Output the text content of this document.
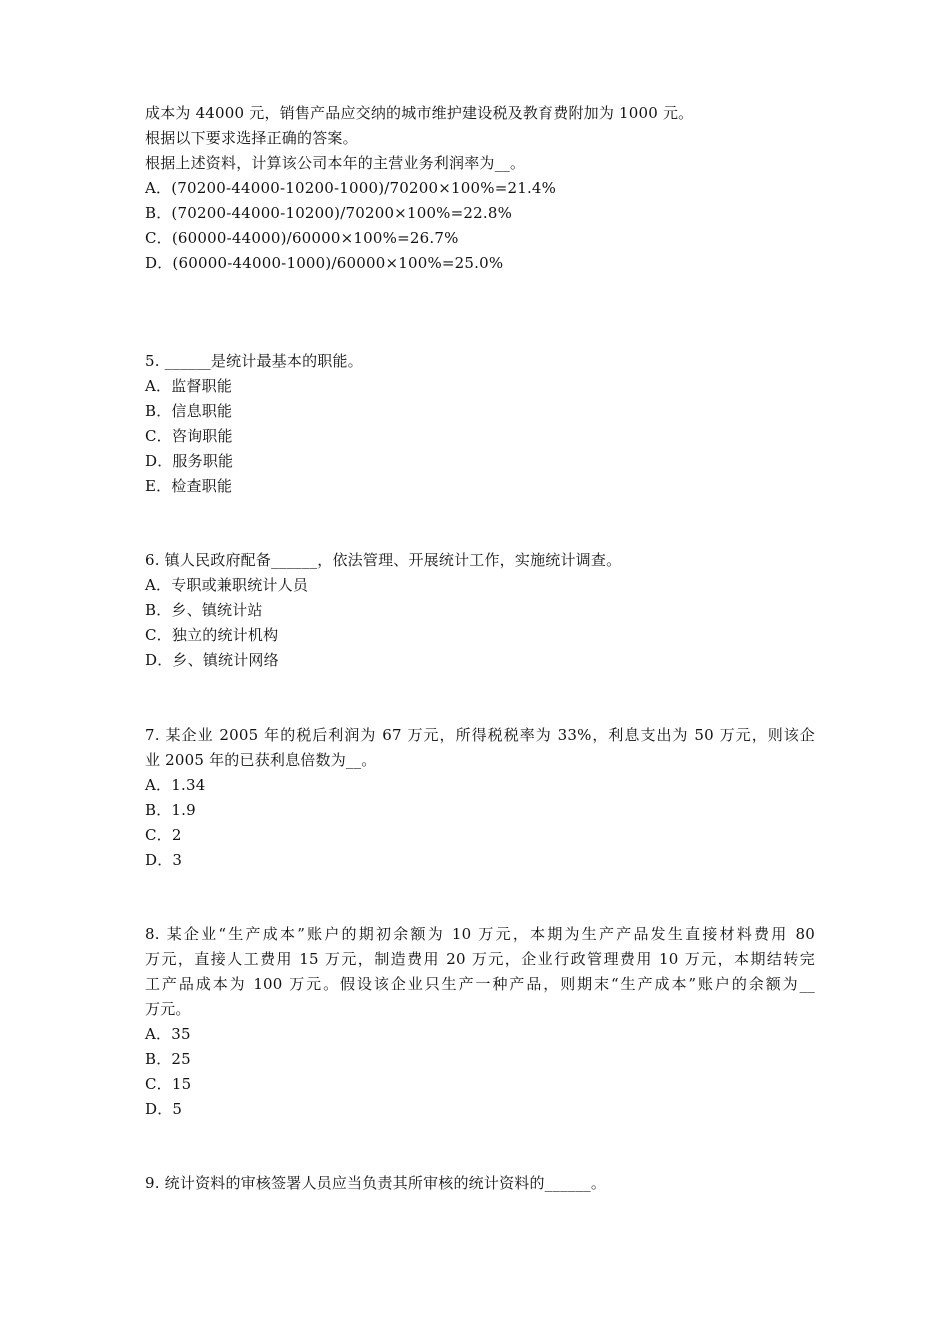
成本为 44000 元，销售产品应交纳的城市维护建设税及教育费附加为 1000 元。
根据以下要求选择正确的答案。
根据上述资料，计算该公司本年的主营业务利润率为__。
A．(70200-44000-10200-1000)/70200×100%=21.4%
B．(70200-44000-10200)/70200×100%=22.8%
C．(60000-44000)/60000×100%=26.7%
D．(60000-44000-1000)/60000×100%=25.0%
5. ______是统计最基本的职能。
A．监督职能
B．信息职能
C．咨询职能
D．服务职能
E．检查职能
6. 镇人民政府配备______，依法管理、开展统计工作，实施统计调查。
A．专职或兼职统计人员
B．乡、镇统计站
C．独立的统计机构
D．乡、镇统计网络
7. 某企业 2005 年的税后利润为 67 万元，所得税税率为 33%，利息支出为 50 万元，则该企
业 2005 年的已获利息倍数为__。
A．1.34
B．1.9
C．2
D．3
8. 某企业“生产成本”账户的期初余额为 10 万元，本期为生产产品发生直接材料费用 80
万元，直接人工费用 15 万元，制造费用 20 万元，企业行政管理费用 10 万元，本期结转完
工产品成本为 100 万元。假设该企业只生产一种产品，则期末“生产成本”账户的余额为__
万元。
A．35
B．25
C．15
D．5
9. 统计资料的审核签署人员应当负责其所审核的统计资料的______。
